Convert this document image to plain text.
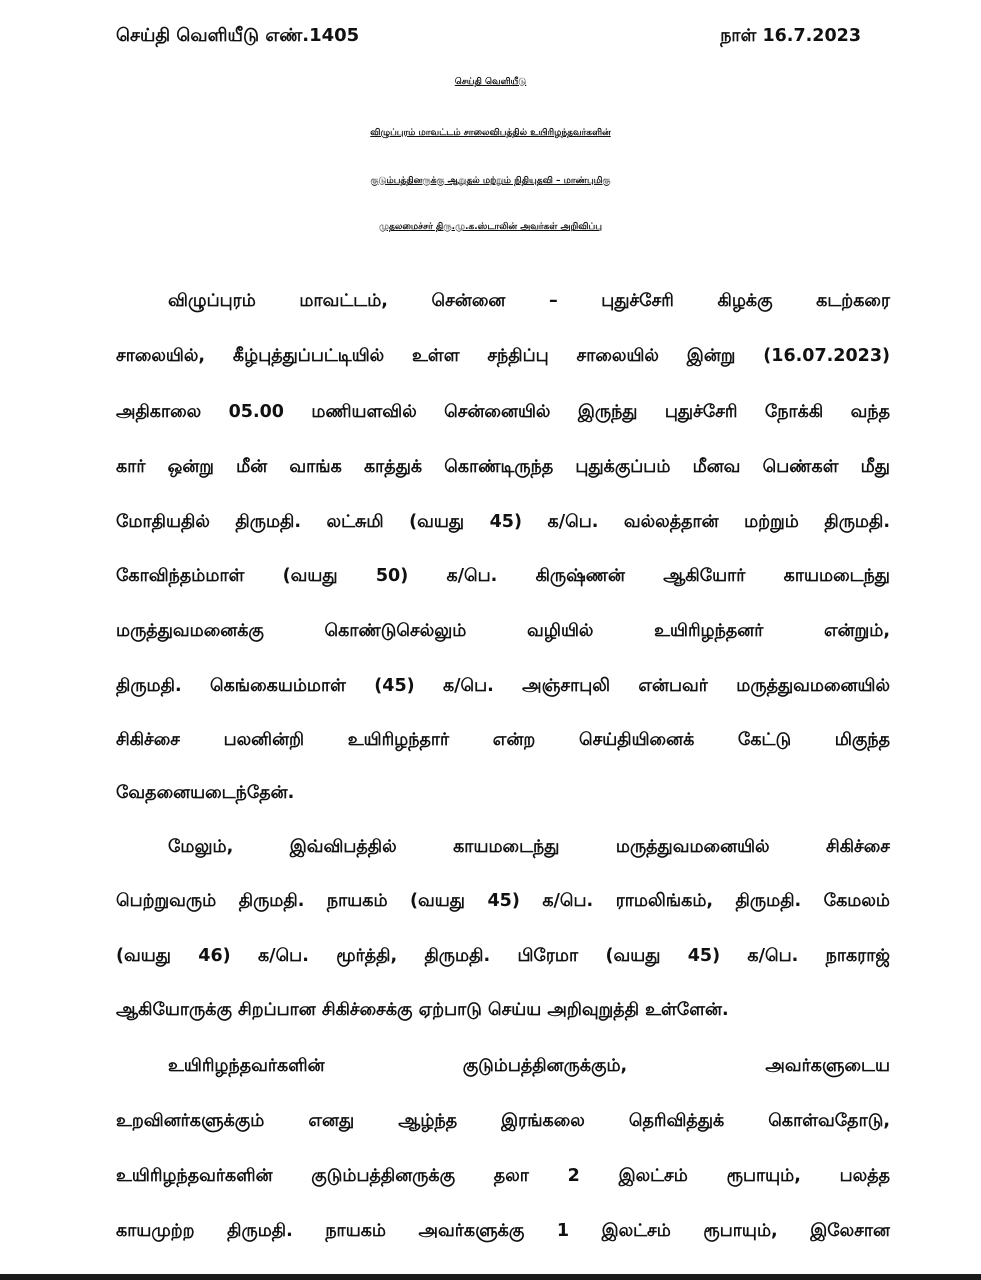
செய்தி வெளியீடு எண்.1405	நாள் 16.7.2023
செய்தி வெளியீடு
விழுப்புரம் மாவட்டம் சாலைவிபத்தில் உயிரிழந்தவர்களின்
குடும்பத்தினருக்கு ஆறுதல் மற்றும் நிதியுதவி – மாண்புமிகு
முதலமைச்சர் திரு.மு.க.ஸ்டாலின் அவர்கள் அறிவிப்பு
விழுப்புரம் மாவட்டம், சென்னை – புதுச்சேரி கிழக்கு கடற்கரை
சாலையில், கீழ்புத்துப்பட்டியில் உள்ள சந்திப்பு சாலையில் இன்று (16.07.2023)
அதிகாலை 05.00 மணியளவில் சென்னையில் இருந்து புதுச்சேரி நோக்கி வந்த
கார் ஒன்று மீன் வாங்க காத்துக் கொண்டிருந்த புதுக்குப்பம் மீனவ பெண்கள் மீது
மோதியதில் திருமதி. லட்சுமி (வயது 45) க/பெ. வல்லத்தான் மற்றும் திருமதி.
கோவிந்தம்மாள் (வயது 50) க/பெ. கிருஷ்ணன் ஆகியோர் காயமடைந்து
மருத்துவமனைக்கு கொண்டுசெல்லும் வழியில் உயிரிழந்தனர் என்றும்,
திருமதி. கெங்கையம்மாள் (45) க/பெ. அஞ்சாபுலி என்பவர் மருத்துவமனையில்
சிகிச்சை பலனின்றி உயிரிழந்தார் என்ற செய்தியினைக் கேட்டு மிகுந்த
வேதனையடைந்தேன்.
மேலும், இவ்விபத்தில் காயமடைந்து மருத்துவமனையில் சிகிச்சை
பெற்றுவரும் திருமதி. நாயகம் (வயது 45) க/பெ. ராமலிங்கம், திருமதி. கேமலம்
(வயது 46) க/பெ. மூர்த்தி, திருமதி. பிரேமா (வயது 45) க/பெ. நாகராஜ்
ஆகியோருக்கு சிறப்பான சிகிச்சைக்கு ஏற்பாடு செய்ய அறிவுறுத்தி உள்ளேன்.
உயிரிழந்தவர்களின் குடும்பத்தினருக்கும், அவர்களுடைய
உறவினர்களுக்கும் எனது ஆழ்ந்த இரங்கலை தெரிவித்துக் கொள்வதோடு,
உயிரிழந்தவர்களின் குடும்பத்தினருக்கு தலா 2 இலட்சம் ரூபாயும், பலத்த
காயமுற்ற திருமதி. நாயகம் அவர்களுக்கு 1 இலட்சம் ரூபாயும், இலேசான
